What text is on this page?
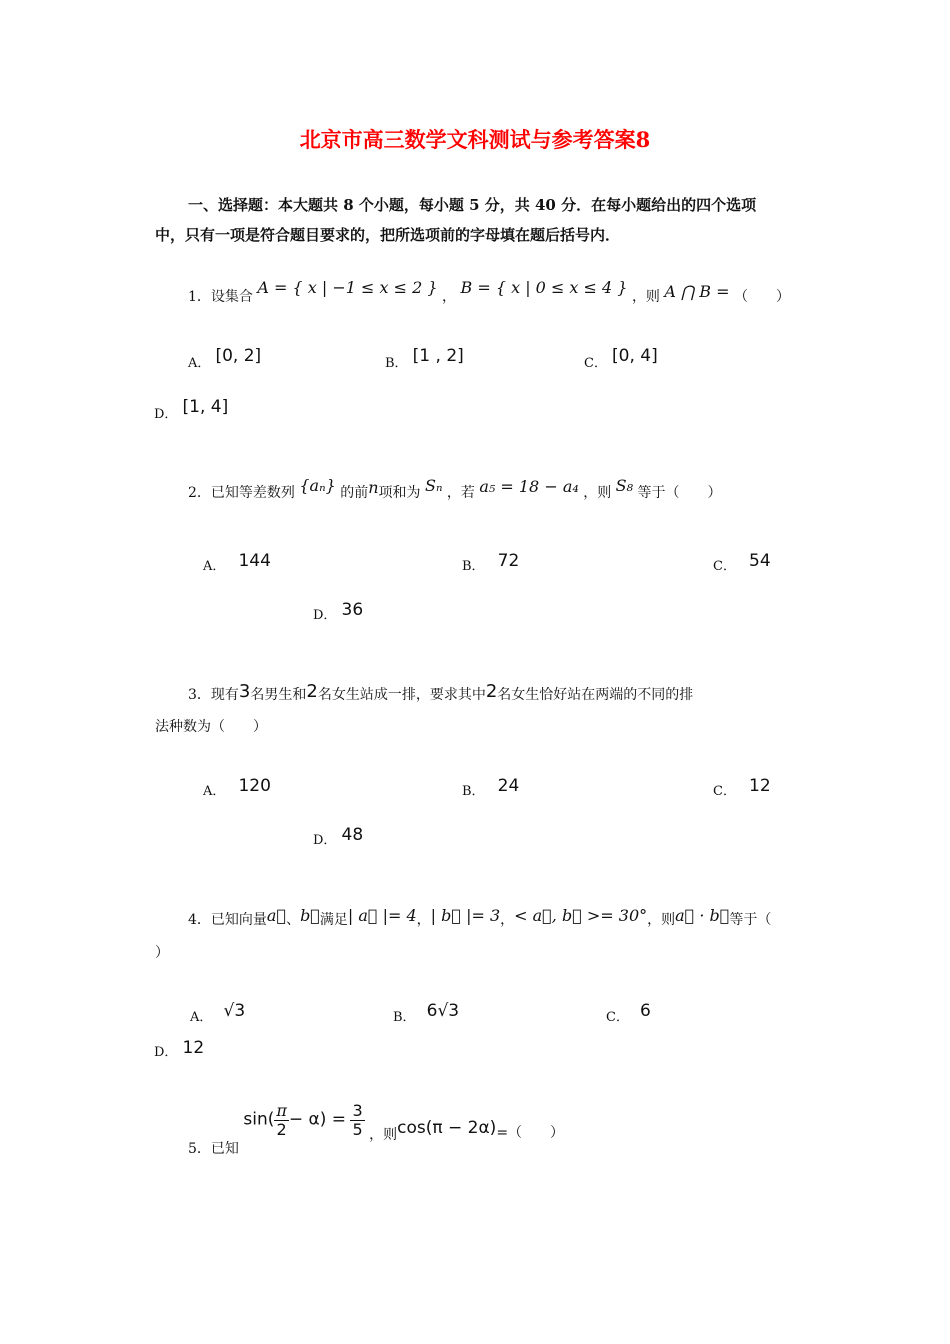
北京市高三数学文科测试与参考答案8
一、选择题：本大题共 8 个小题，每小题 5 分，共 40 分．在每小题给出的四个选项
中，只有一项是符合题目要求的，把所选项前的字母填在题后括号内．
1．设集合 A = { x | −1 ≤ x ≤ 2 } ， B = { x | 0 ≤ x ≤ 4 } ，则 A ⋂ B = （　　）
A． [0, 2]	B． [1 , 2]	C． [0, 4]
D． [1, 4]
2．已知等差数列 {aₙ} 的前n项和为 Sₙ ，若 a₅ = 18 − a₄ ，则 S₈ 等于（　　）
A． 144	B． 72	C． 54
D． 36
3．现有3名男生和2名女生站成一排，要求其中2名女生恰好站在两端的不同的排
法种数为（　　）
A． 120	B． 24	C． 12
D． 48
4．已知向量a⃗、b⃗满足| a⃗ |= 4，| b⃗ |= 3，< a⃗, b⃗ >= 30°，则a⃗ · b⃗等于（
）
A． √3	B． 6√3	C． 6
D． 12
5．已知 $\sin( \frac{\pi}{2} - \alpha) = \frac{3}{5}$ ，则cos(π − 2α)=（　　）
